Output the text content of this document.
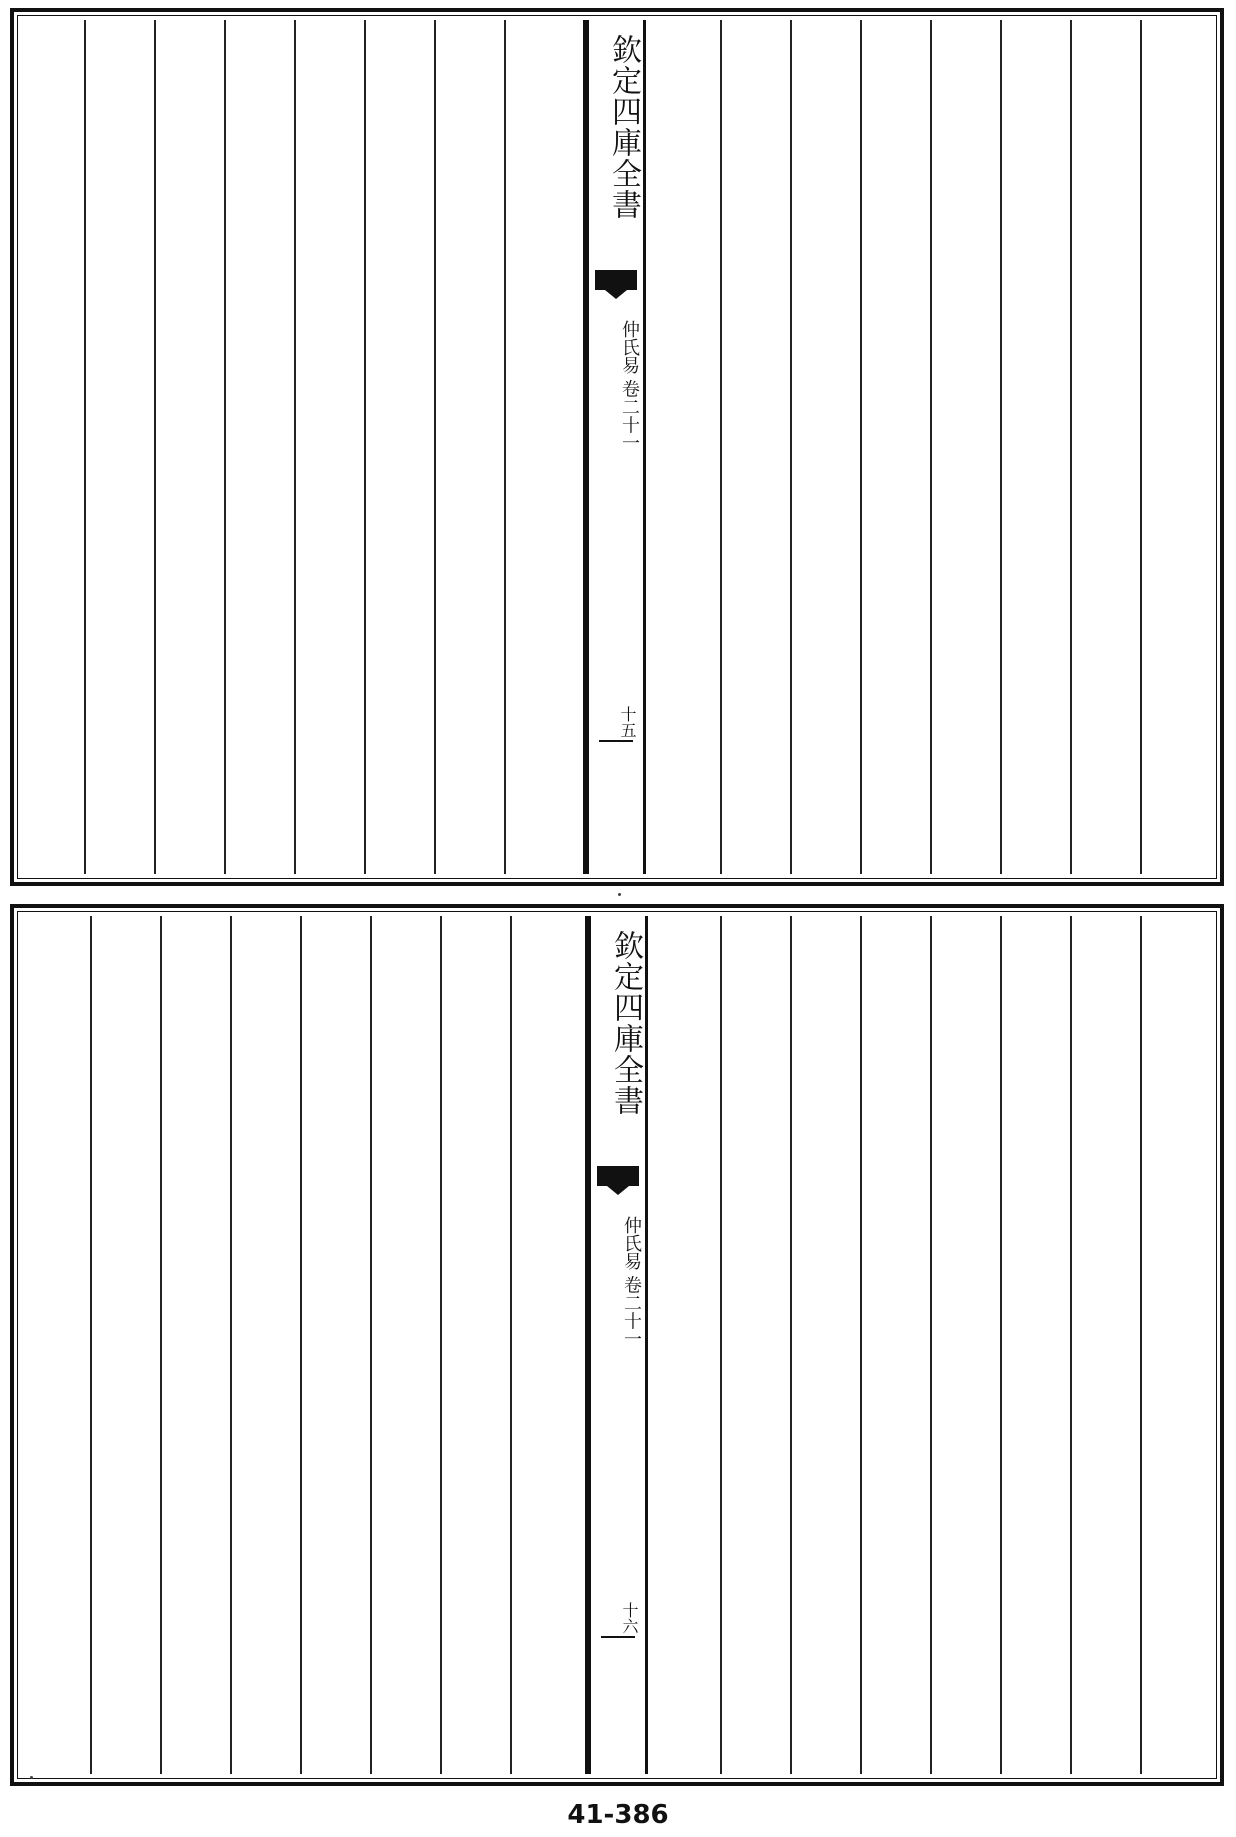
欽定四庫全書
仲氏易 卷二十一
十五
欽定四庫全書
仲氏易 卷二十一
十六
41-386
